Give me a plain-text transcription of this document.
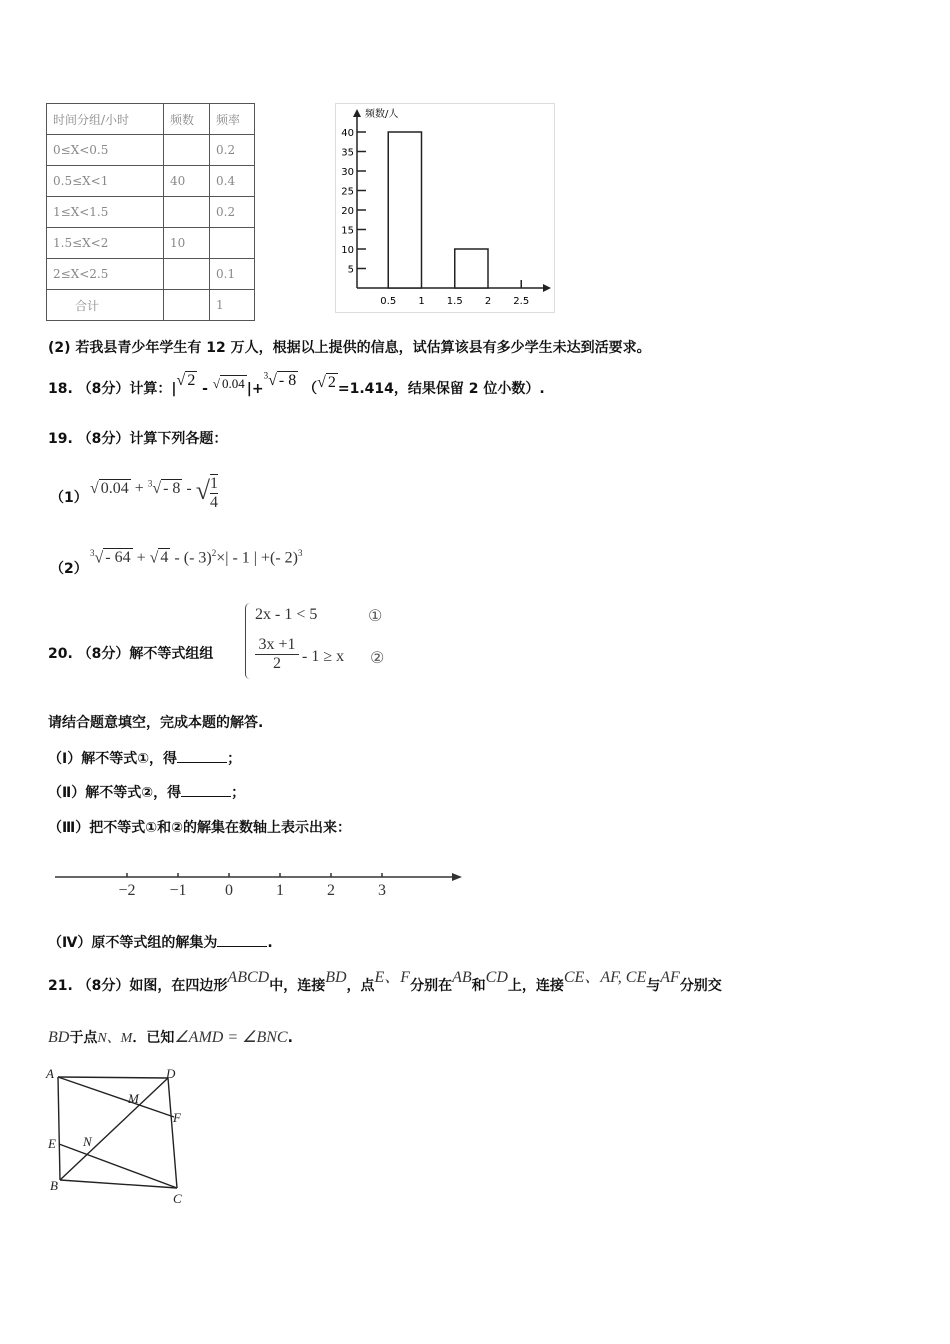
时间分组/小时	频数	频率
0≤X<0.5		0.2
0.5≤X<1	40	0.4
1≤X<1.5		0.2
1.5≤X<2	10	
2≤X<2.5		0.1
合计		1
频数/人
5
10
15
20
25
30
35
40
0.5 1 1.5 2 2.5
(2) 若我县青少年学生有 12 万人，根据以上提供的信息，试估算该县有多少学生未达到活要求。
18. （8分）计算：|√ 2 - √ 0.04 |+$^3$√ - 8 （√ 2 =1.414，结果保留 2 位小数）.
19. （8分）计算下列各题：
（1）
√ 0.04 + $^3$√ - 8 - √ $\frac{1}{4}$
（2）
$^3$√ - 64 + √ 4 - (- 3)$^2$×| - 1 | +(- 2)$^3$
20. （8分）解不等式组组
2x - 1 < 5	①
$\frac{3x +1}{2} - 1 \ge x$ ②
请结合题意填空，完成本题的解答.
（Ⅰ）解不等式①，得	；
（Ⅱ）解不等式②，得	；
（Ⅲ）把不等式①和②的解集在数轴上表示出来：
−2 −1 0	1	2	3
（Ⅳ）原不等式组的解集为	.
21. （8分）如图，在四边形ABCD中，连接BD，点E、F分别在AB和CD上，连接CE、AF, CE与AF分别交
BD于点N、M．已知∠AMD = ∠BNC.
A	D
M
F
E N
B
C
